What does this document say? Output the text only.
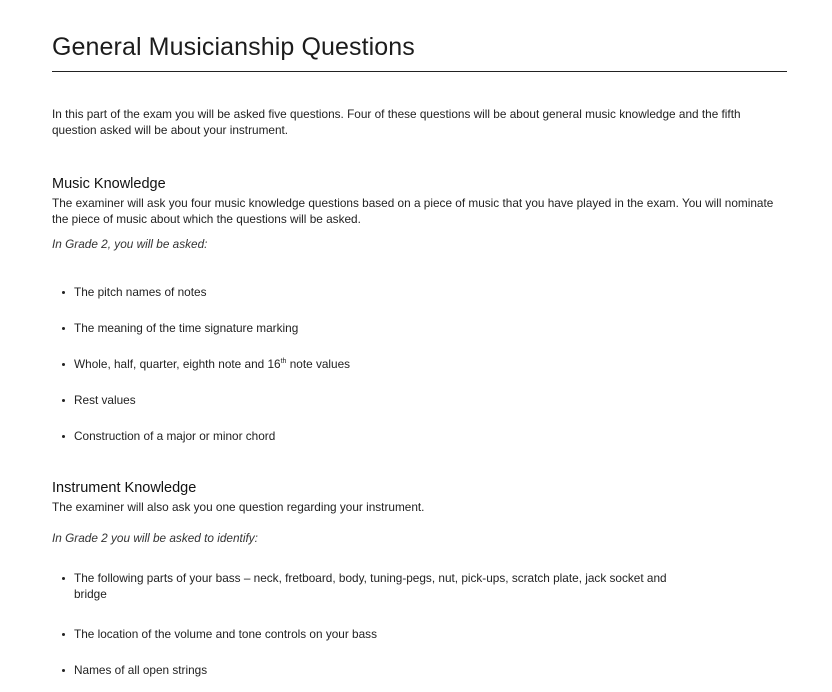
General Musicianship Questions

In this part of the exam you will be asked five questions. Four of these questions will be about general music knowledge and the fifth question asked will be about your instrument.

Music Knowledge

The examiner will ask you four music knowledge questions based on a piece of music that you have played in the exam. You will nominate the piece of music about which the questions will be asked.

In Grade 2, you will be asked:

The pitch names of notes
The meaning of the time signature marking
Whole, half, quarter, eighth note and 16th note values
Rest values
Construction of a major or minor chord
Instrument Knowledge

The examiner will also ask you one question regarding your instrument.

In Grade 2 you will be asked to identify:

The following parts of your bass – neck, fretboard, body, tuning-pegs, nut, pick-ups, scratch plate, jack socket and bridge
The location of the volume and tone controls on your bass
Names of all open strings
